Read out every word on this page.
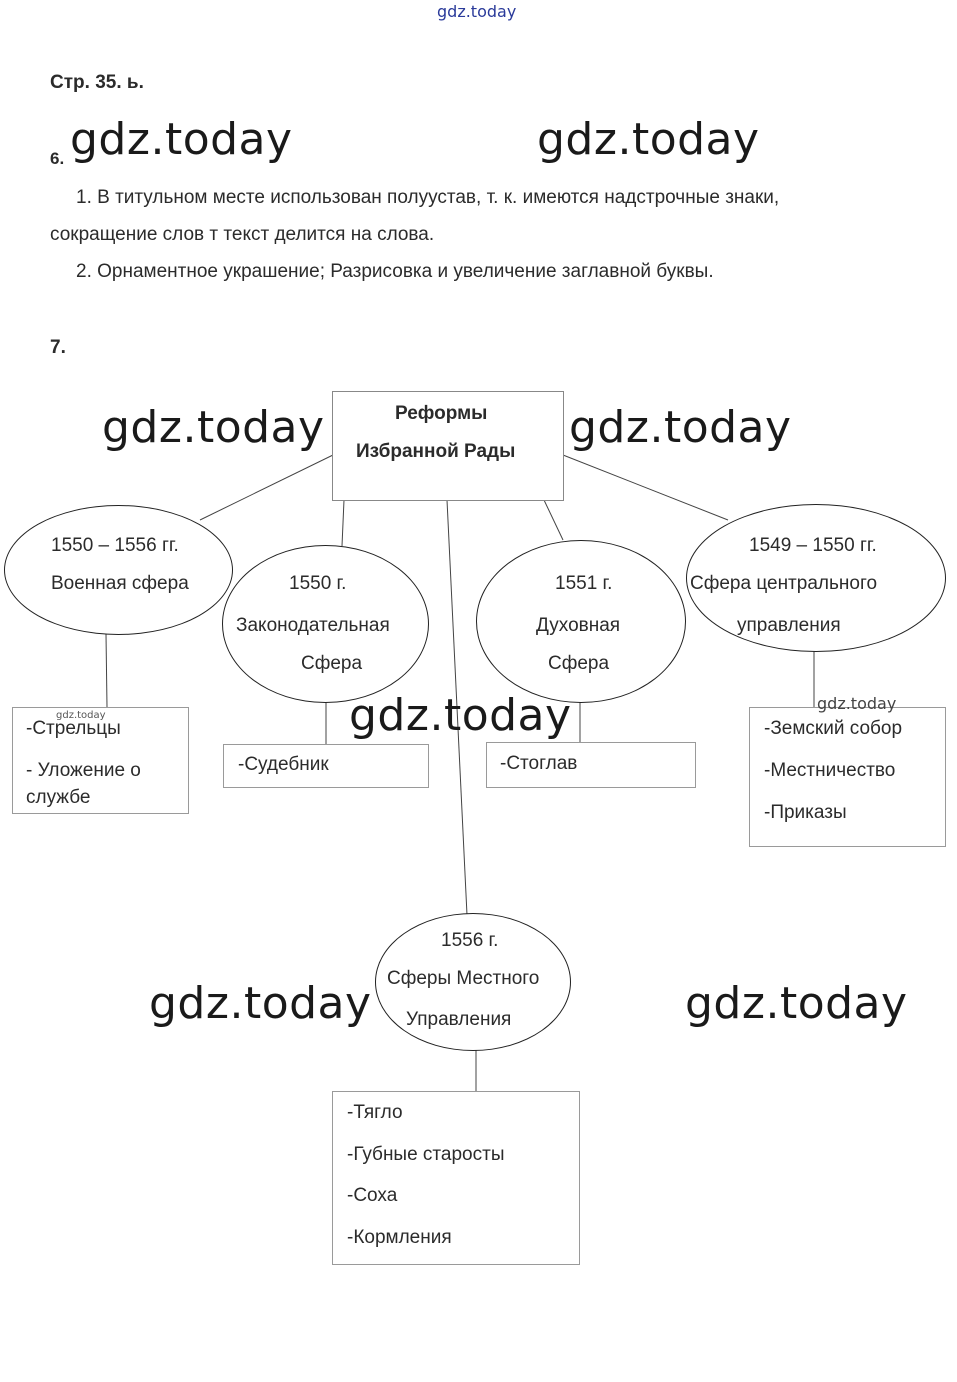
gdz.today
gdz.today	gdz.today
gdz.today	gdz.today
gdz.today	gdz.today
Стр. 35. ь.
6.
1. В титульном месте использован полуустав, т. к. имеются надстрочные знаки,
сокращение слов т текст делится на слова.
2. Орнаментное украшение; Разрисовка и увеличение заглавной буквы.
7.
Реформы
Избранной Рады
1550 – 1556 гг.
Военная сфера	1550 г.
Законодательная
Сфера
1551 г.
Духовная
Сфера
1549 – 1550 гг.
Сфера центрального
управления
1556 г.
Сферы Местного
Управления
gdz.today
-Стрельцы
- Уложение о
службе
-Судебник	-Стоглав
-Земский собор
-Местничество
-Приказы
-Тягло
-Губные старосты
-Соха
-Кормления
gdz.today	gdz.today
